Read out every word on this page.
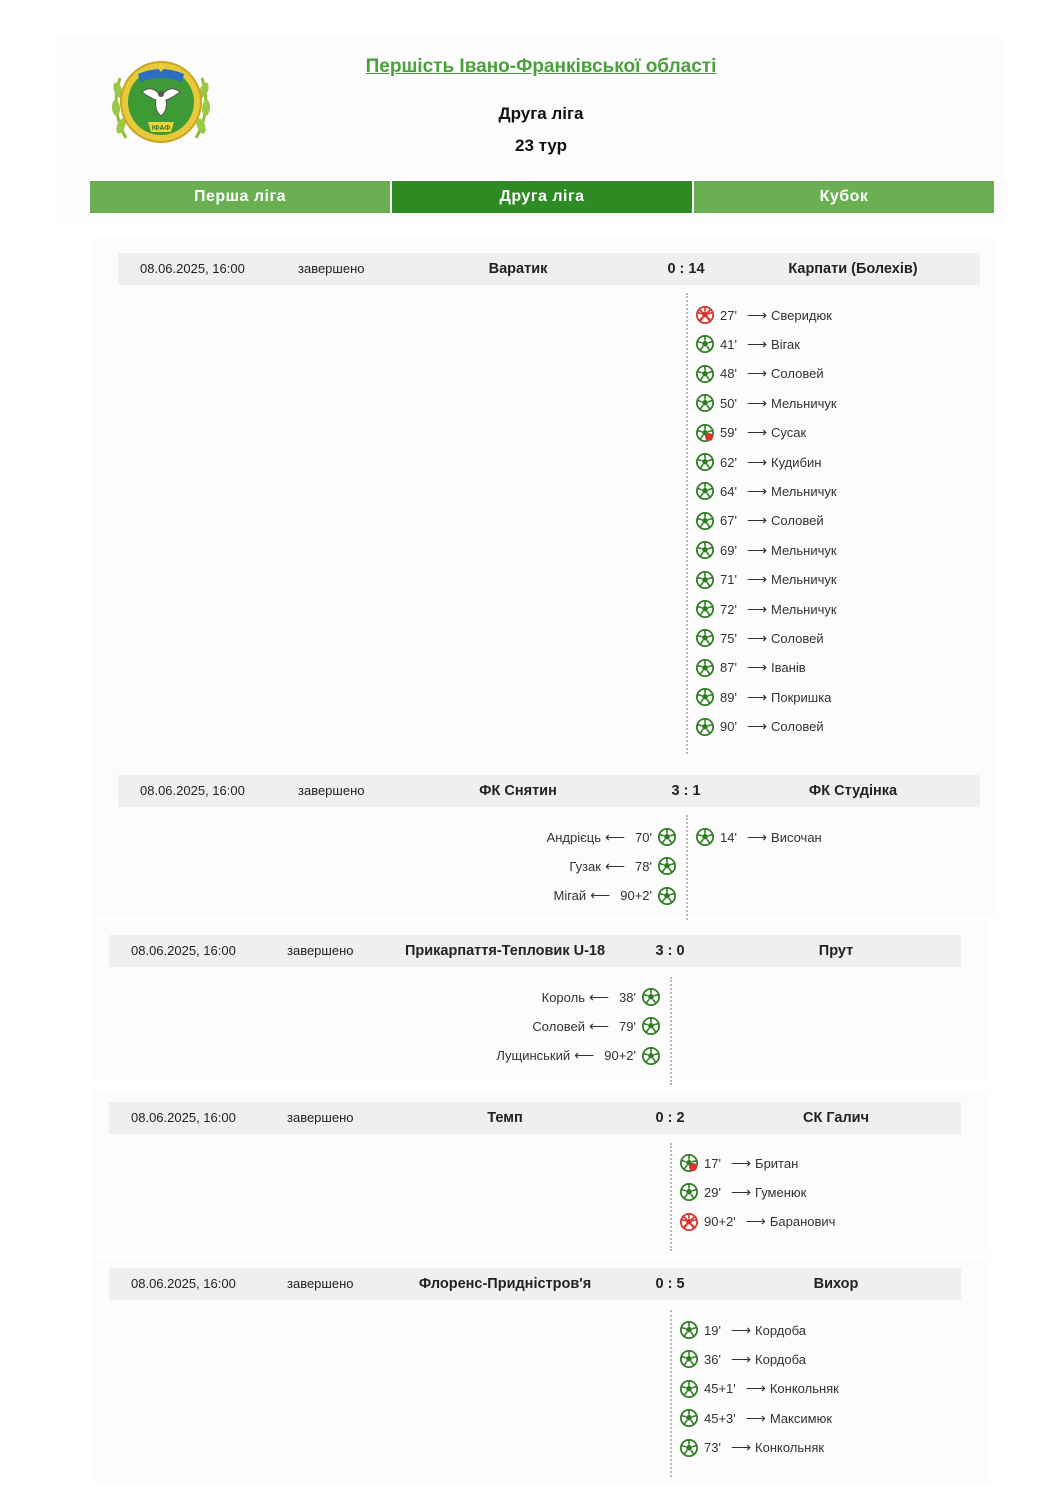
ІФАФ
Першість Івано-Франківської області
Друга ліга
23 тур
Перша ліга	Друга ліга	Кубок
08.06.2025, 16:00	завершено	Варатик	0 : 14	Карпати (Болехів)
27' ⟶ Сверидюк
41' ⟶ Вігак
48' ⟶ Соловей
50' ⟶ Мельничук
59' ⟶ Сусак
62' ⟶ Кудибин
64' ⟶ Мельничук
67' ⟶ Соловей
69' ⟶ Мельничук
71' ⟶ Мельничук
72' ⟶ Мельничук
75' ⟶ Соловей
87' ⟶ Іванів
89' ⟶ Покришка
90' ⟶ Соловей
08.06.2025, 16:00	завершено	ФК Снятин	3 : 1	ФК Студінка
14' ⟶ Височан
Андрієць ⟵ 70'
Гузак ⟵ 78'
Мігай ⟵ 90+2'
08.06.2025, 16:00	завершено	Прикарпаття-Тепловик U-18	3 : 0	Прут
Король ⟵ 38'
Соловей ⟵ 79'
Лущинський ⟵ 90+2'
08.06.2025, 16:00	завершено	Темп	0 : 2	СК Галич
17' ⟶ Британ
29' ⟶ Гуменюк
90+2' ⟶ Баранович
08.06.2025, 16:00	завершено	Флоренс-Придністров'я	0 : 5	Вихор
19' ⟶ Кордоба
36' ⟶ Кордоба
45+1' ⟶ Конкольняк
45+3' ⟶ Максимюк
73' ⟶ Конкольняк
